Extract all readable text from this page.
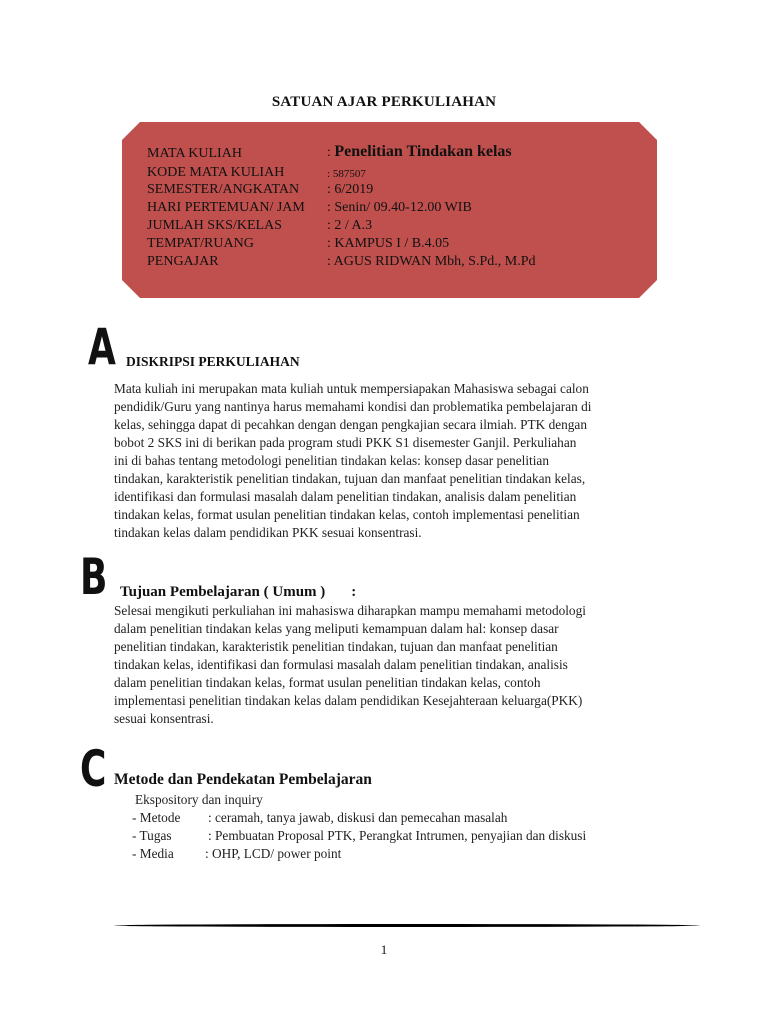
SATUAN AJAR PERKULIAHAN
MATA KULIAH	: Penelitian Tindakan kelas
KODE MATA KULIAH	: 587507
SEMESTER/ANGKATAN : 6/2019
HARI PERTEMUAN/ JAM : Senin/ 09.40-12.00 WIB
JUMLAH SKS/KELAS	: 2 / A.3
TEMPAT/RUANG	: KAMPUS I / B.4.05
PENGAJAR	: AGUS RIDWAN Mbh, S.Pd., M.Pd
A DISKRIPSI PERKULIAHAN
Mata kuliah ini merupakan mata kuliah untuk mempersiapakan Mahasiswa sebagai calon
pendidik/Guru yang nantinya harus memahami kondisi dan problematika pembelajaran di
kelas, sehingga dapat di pecahkan dengan dengan pengkajian secara ilmiah. PTK dengan
bobot 2 SKS ini di berikan pada program studi PKK S1 disemester Ganjil. Perkuliahan
ini di bahas tentang metodologi penelitian tindakan kelas: konsep dasar penelitian
tindakan, karakteristik penelitian tindakan, tujuan dan manfaat penelitian tindakan kelas,
identifikasi dan formulasi masalah dalam penelitian tindakan, analisis dalam penelitian
tindakan kelas, format usulan penelitian tindakan kelas, contoh implementasi penelitian
tindakan kelas dalam pendidikan PKK sesuai konsentrasi.
B Tujuan Pembelajaran ( Umum ) :
Selesai mengikuti perkuliahan ini mahasiswa diharapkan mampu memahami metodologi
dalam penelitian tindakan kelas yang meliputi kemampuan dalam hal: konsep dasar
penelitian tindakan, karakteristik penelitian tindakan, tujuan dan manfaat penelitian
tindakan kelas, identifikasi dan formulasi masalah dalam penelitian tindakan, analisis
dalam penelitian tindakan kelas, format usulan penelitian tindakan kelas, contoh
implementasi penelitian tindakan kelas dalam pendidikan Kesejahteraan keluarga(PKK)
sesuai konsentrasi.
C Metode dan Pendekatan Pembelajaran
Ekspository dan inquiry
- Metode : ceramah, tanya jawab, diskusi dan pemecahan masalah
- Tugas	: Pembuatan Proposal PTK, Perangkat Intrumen, penyajian dan diskusi
- Media : OHP, LCD/ power point
1
